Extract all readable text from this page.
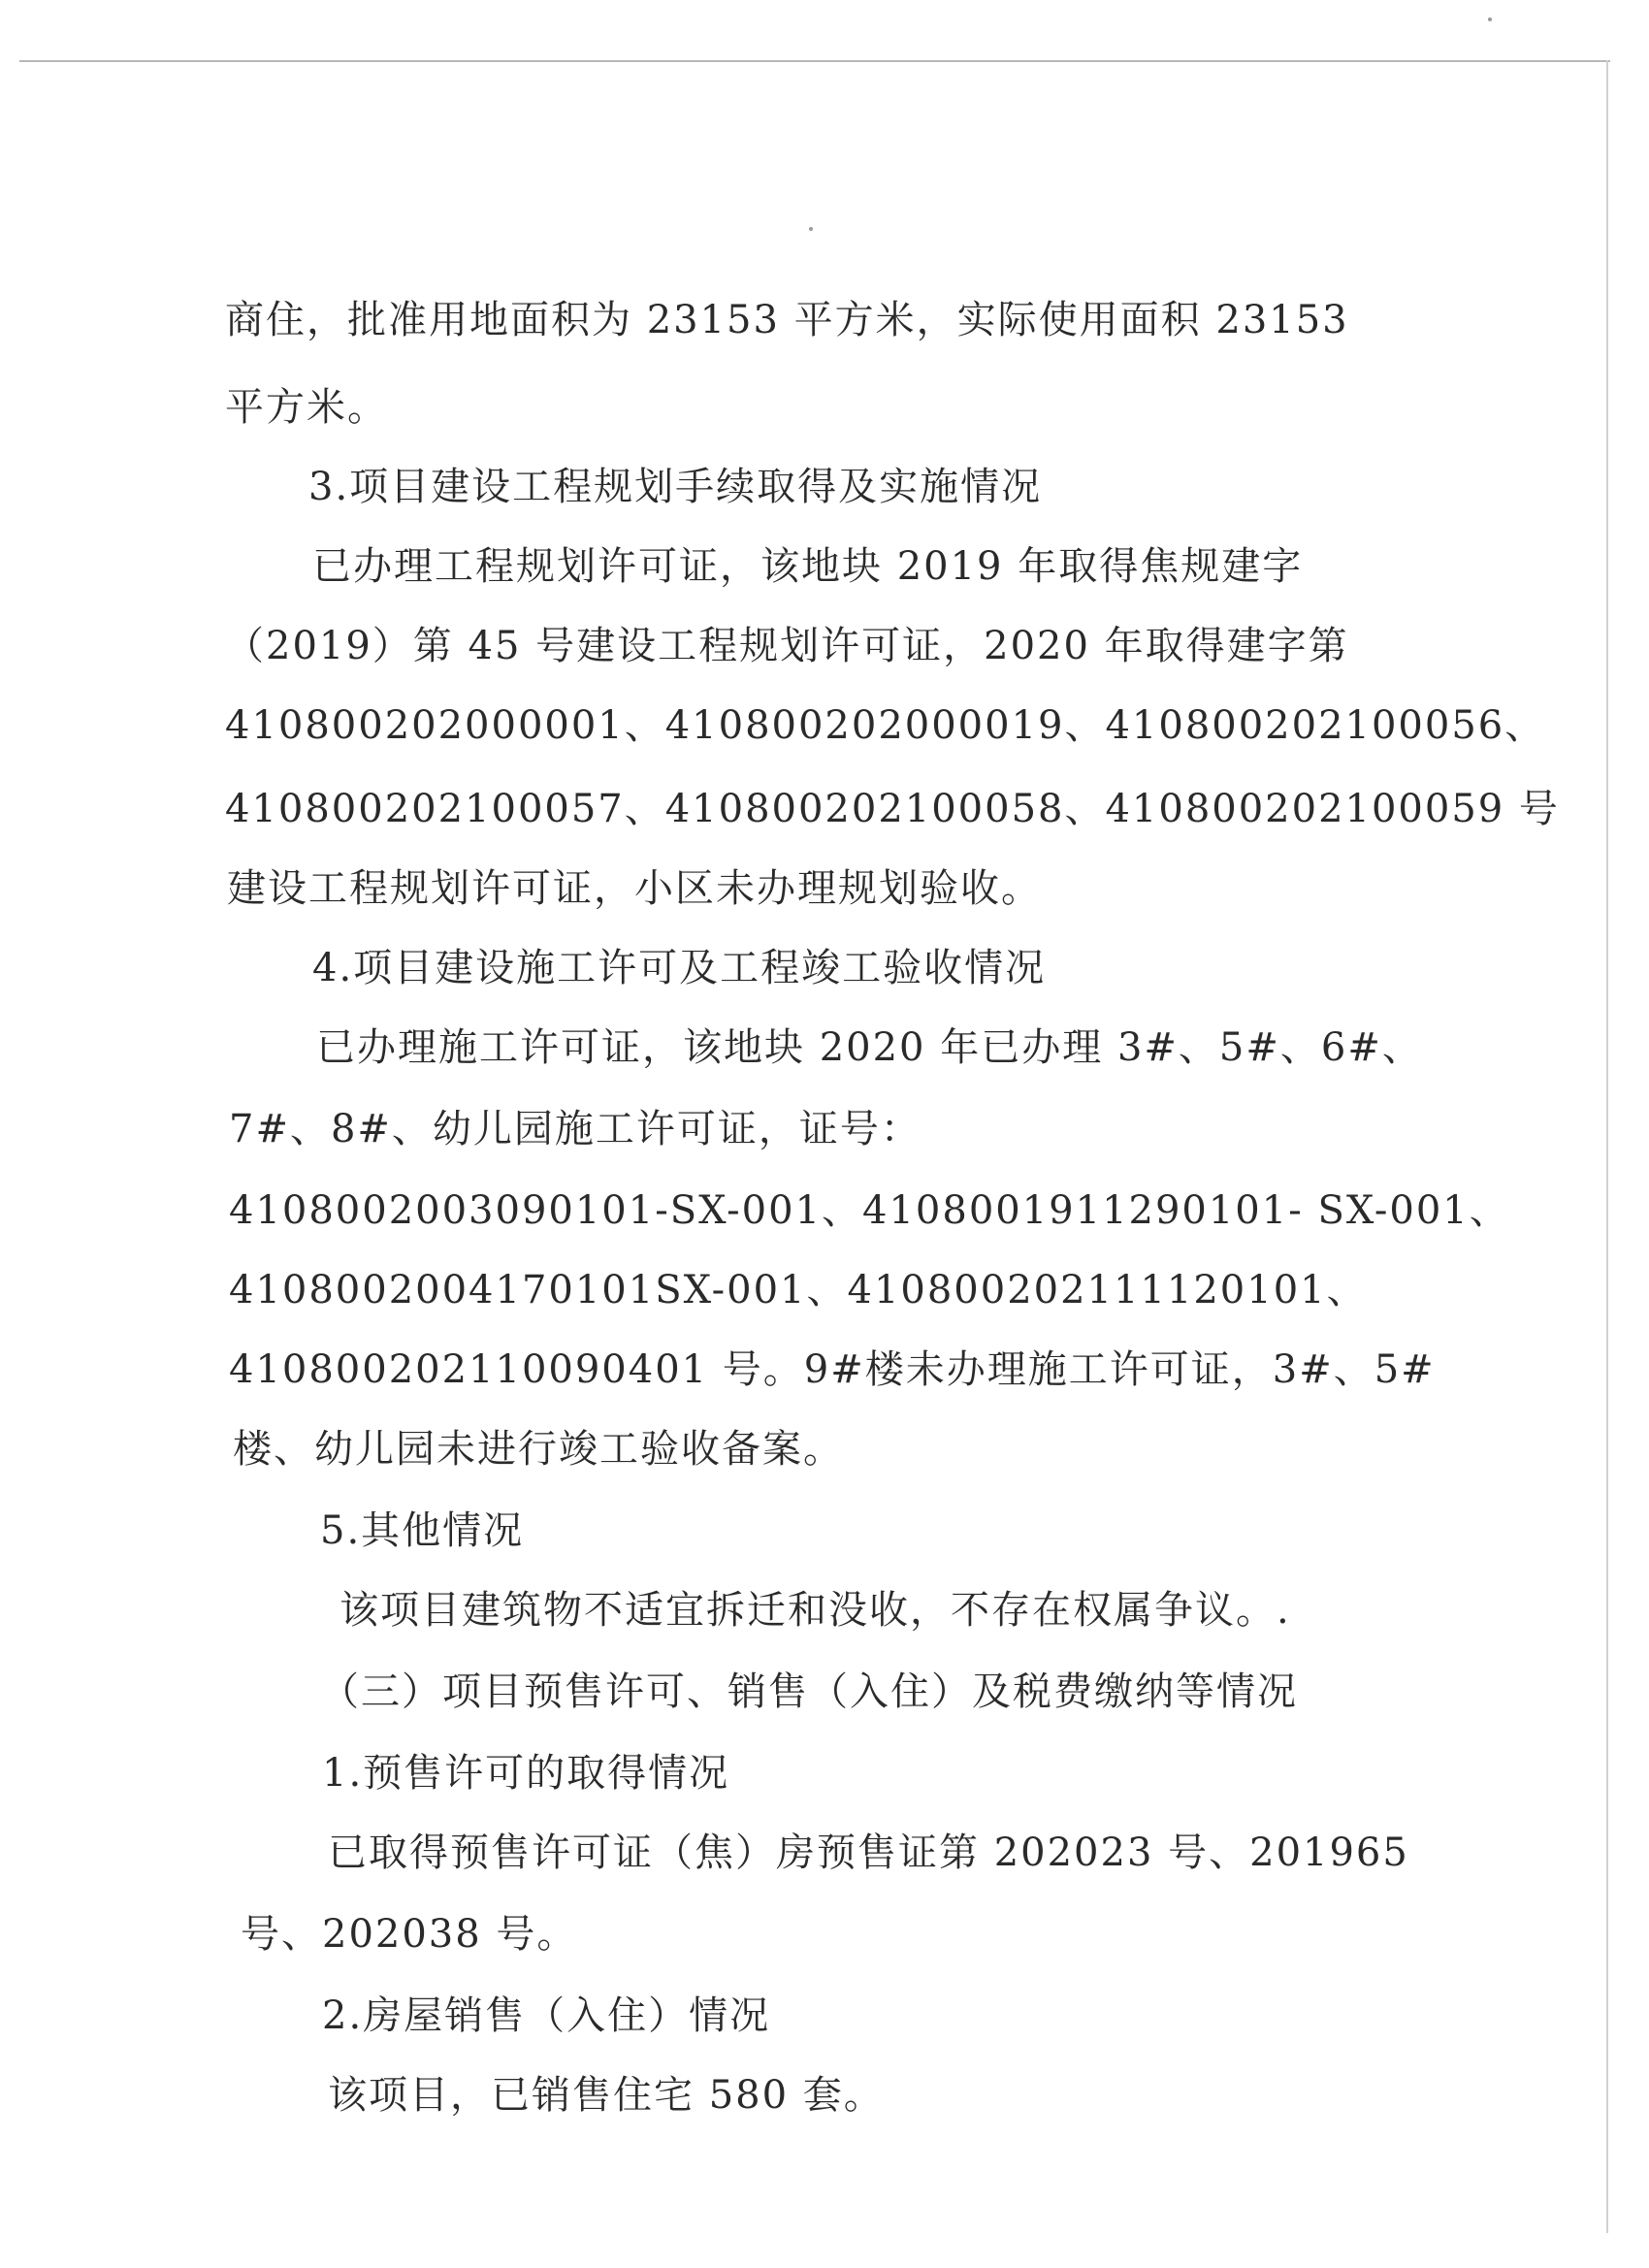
商住，批准用地面积为 23153 平方米，实际使用面积 23153
平方米。
3.项目建设工程规划手续取得及实施情况
已办理工程规划许可证，该地块 2019 年取得焦规建字
（2019）第 45 号建设工程规划许可证，2020 年取得建字第
410800202000001、410800202000019、410800202100056、
410800202100057、410800202100058、410800202100059 号
建设工程规划许可证，小区未办理规划验收。
4.项目建设施工许可及工程竣工验收情况
已办理施工许可证，该地块 2020 年已办理 3#、5#、6#、
7#、8#、幼儿园施工许可证，证号：
4108002003090101-SX-001、4108001911290101- SX-001、
4108002004170101SX-001、410800202111120101、
410800202110090401 号。9#楼未办理施工许可证，3#、5#
楼、幼儿园未进行竣工验收备案。
5.其他情况
该项目建筑物不适宜拆迁和没收，不存在权属争议。.
（三）项目预售许可、销售（入住）及税费缴纳等情况
1.预售许可的取得情况
已取得预售许可证（焦）房预售证第 202023 号、201965
号、202038 号。
2.房屋销售（入住）情况
该项目，已销售住宅 580 套。
